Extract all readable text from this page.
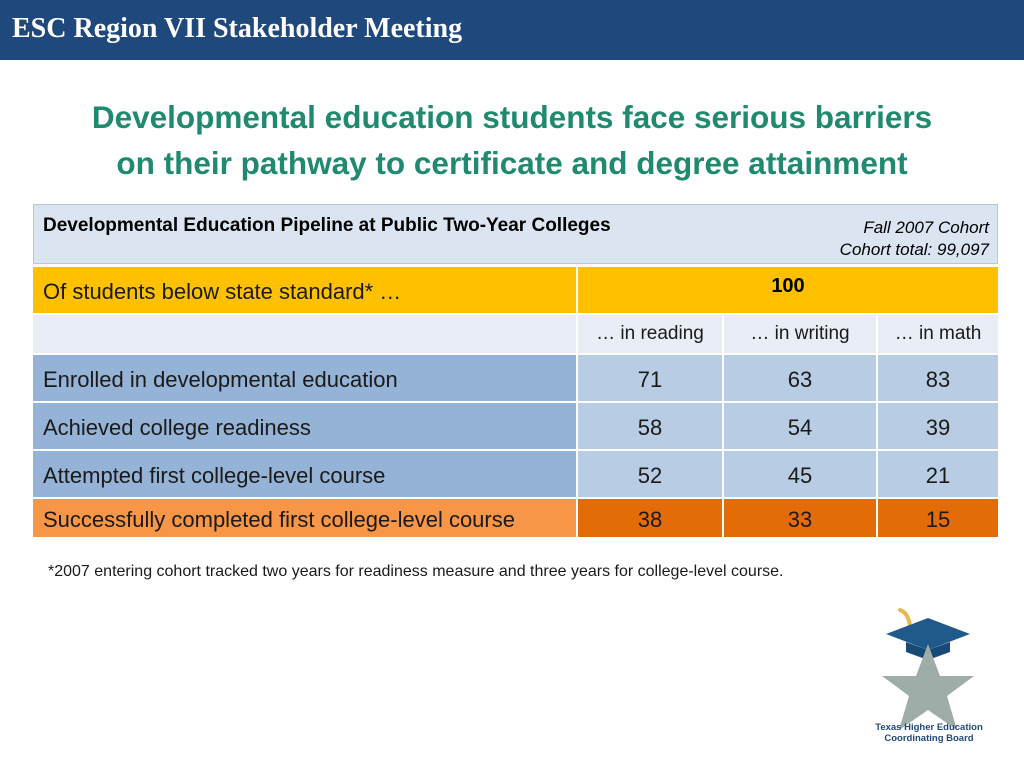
ESC Region VII Stakeholder Meeting
Developmental education students face serious barriers
on their pathway to certificate and degree attainment
Developmental Education Pipeline at Public Two-Year Colleges	Fall 2007 Cohort
Cohort total: 99,097
Of students below state standard* …	100
… in reading	… in writing	… in math
Enrolled in developmental education	71	63	83
Achieved college readiness	58	54	39
Attempted first college-level course	52	45	21
Successfully completed first college-level course	38	33	15
*2007 entering cohort tracked two years for readiness measure and three years for college-level course.
Texas Higher Education
Coordinating Board
